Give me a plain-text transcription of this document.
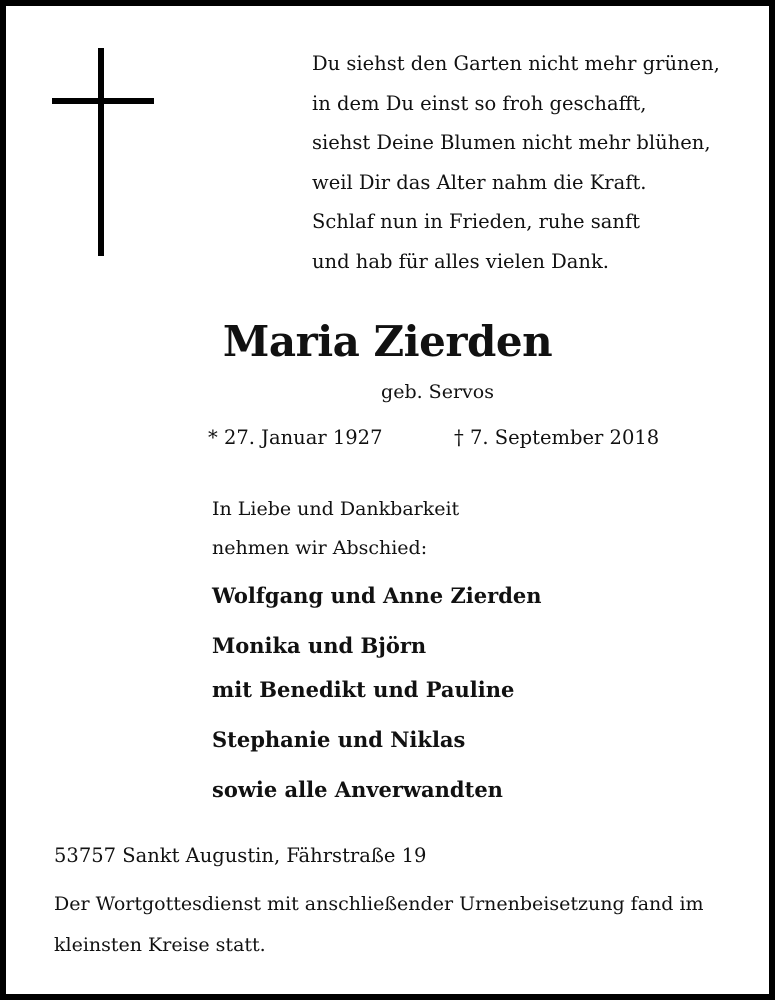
Du siehst den Garten nicht mehr grünen,
in dem Du einst so froh geschafft,
siehst Deine Blumen nicht mehr blühen,
weil Dir das Alter nahm die Kraft.
Schlaf nun in Frieden, ruhe sanft
und hab für alles vielen Dank.
Maria Zierden
geb. Servos
* 27. Januar 1927	† 7. September 2018
In Liebe und Dankbarkeit
nehmen wir Abschied:
Wolfgang und Anne Zierden
Monika und Björn
mit Benedikt und Pauline
Stephanie und Niklas
sowie alle Anverwandten
53757 Sankt Augustin, Fährstraße 19
Der Wortgottesdienst mit anschließender Urnenbeisetzung fand im kleinsten Kreise statt.
